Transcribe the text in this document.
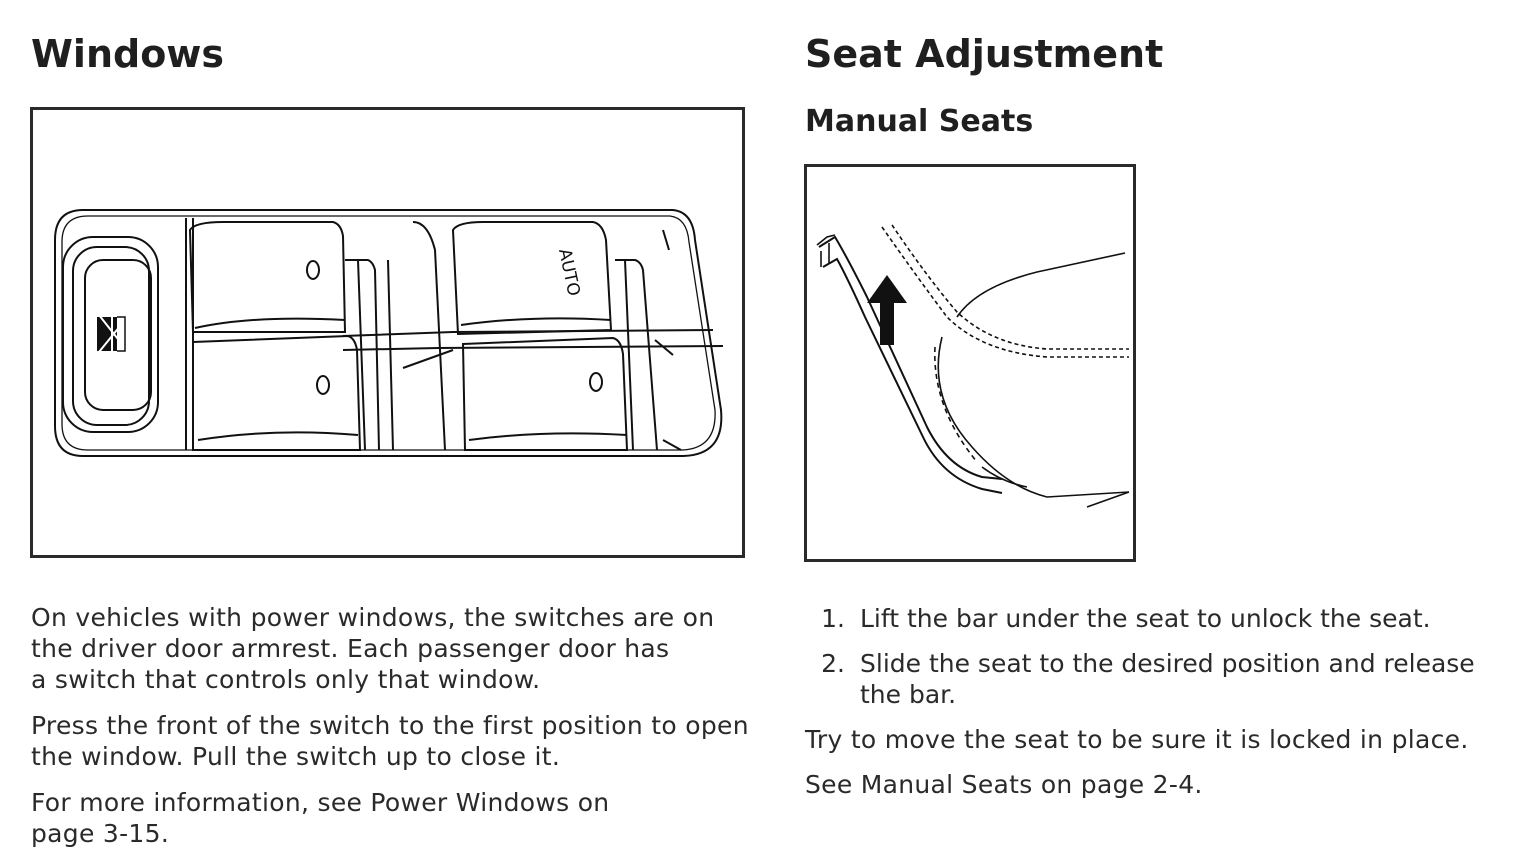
Windows
AUTO

On vehicles with power windows, the switches are on
the driver door armrest. Each passenger door has
a switch that controls only that window.

Press the front of the switch to the first position to open
the window. Pull the switch up to close it.

For more information, see Power Windows on
page 3-15.

Seat Adjustment
Manual Seats
1. Lift the bar under the seat to unlock the seat.
2. Slide the seat to the desired position and release
the bar.

Try to move the seat to be sure it is locked in place.

See Manual Seats on page 2-4.
